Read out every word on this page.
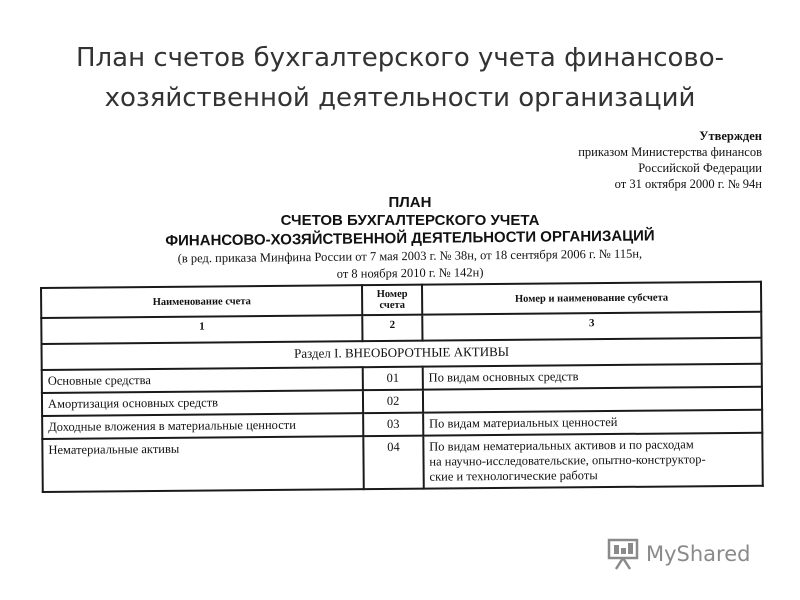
План счетов бухгалтерского учета финансово-
хозяйственной деятельности организаций
Утвержден
приказом Министерства финансов
Российской Федерации
от 31 октября 2000 г. № 94н
ПЛАН
СЧЕТОВ БУХГАЛТЕРСКОГО УЧЕТА
ФИНАНСОВО-ХОЗЯЙСТВЕННОЙ ДЕЯТЕЛЬНОСТИ ОРГАНИЗАЦИЙ
(в ред. приказа Минфина России от 7 мая 2003 г. № 38н, от 18 сентября 2006 г. № 115н,
от 8 ноября 2010 г. № 142н)
Наименование счета	Номер счета	Номер и наименование субсчета
1	2	3
Раздел I. ВНЕОБОРОТНЫЕ АКТИВЫ		
Основные средства	01	По видам основных средств
Амортизация основных средств	02	
Доходные вложения в материальные ценности	03	По видам материальных ценностей
Нематериальные активы	04	По видам нематериальных активов и по расходам
на научно-исследовательские, опытно-конструктор-
ские и технологические работы
MyShared
